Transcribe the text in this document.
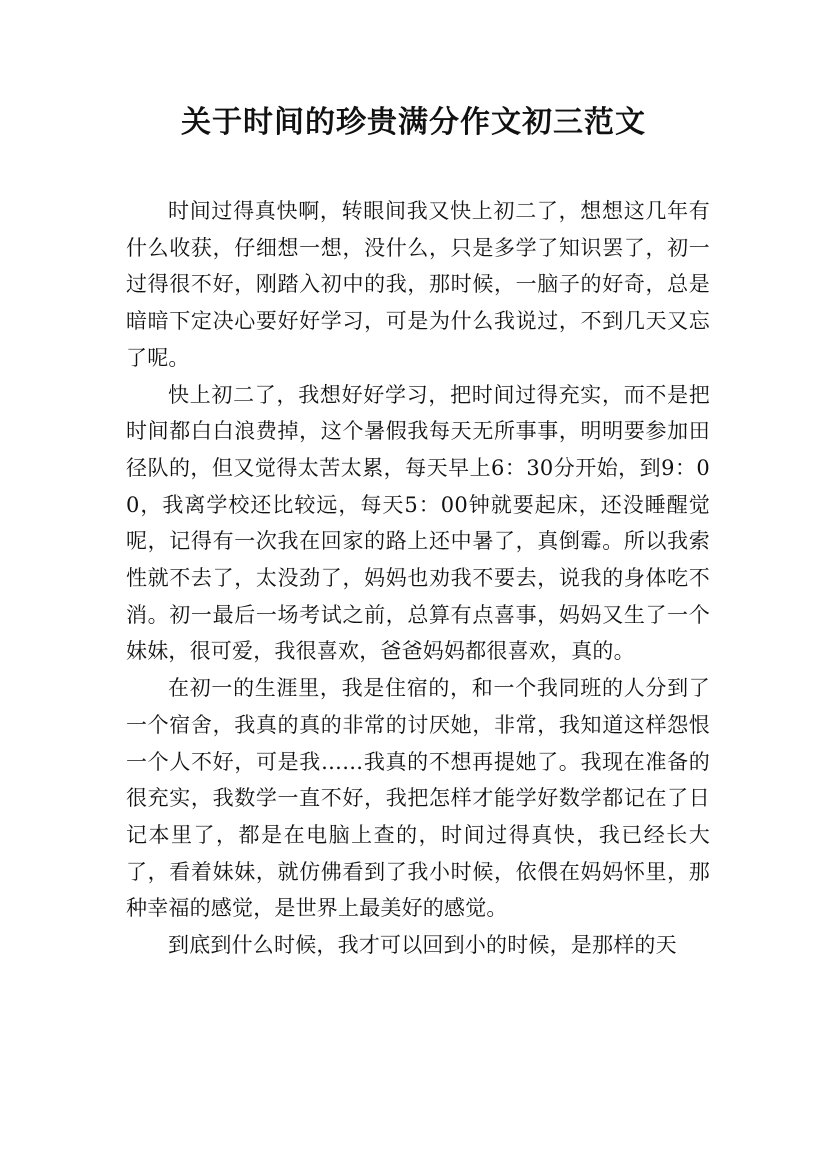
关于时间的珍贵满分作文初三范文

时间过得真快啊，转眼间我又快上初二了，想想这几年有什么收获，仔细想一想，没什么，只是多学了知识罢了，初一过得很不好，刚踏入初中的我，那时候，一脑子的好奇，总是暗暗下定决心要好好学习，可是为什么我说过，不到几天又忘了呢。

快上初二了，我想好好学习，把时间过得充实，而不是把时间都白白浪费掉，这个暑假我每天无所事事，明明要参加田径队的，但又觉得太苦太累，每天早上6：30分开始，到9：00，我离学校还比较远，每天5：00钟就要起床，还没睡醒觉呢，记得有一次我在回家的路上还中暑了，真倒霉。所以我索性就不去了，太没劲了，妈妈也劝我不要去，说我的身体吃不消。初一最后一场考试之前，总算有点喜事，妈妈又生了一个妹妹，很可爱，我很喜欢，爸爸妈妈都很喜欢，真的。

在初一的生涯里，我是住宿的，和一个我同班的人分到了一个宿舍，我真的真的非常的讨厌她，非常，我知道这样怨恨一个人不好，可是我……我真的不想再提她了。我现在准备的很充实，我数学一直不好，我把怎样才能学好数学都记在了日记本里了，都是在电脑上查的，时间过得真快，我已经长大了，看着妹妹，就仿佛看到了我小时候，依偎在妈妈怀里，那种幸福的感觉，是世界上最美好的感觉。

到底到什么时候，我才可以回到小的时候，是那样的天
